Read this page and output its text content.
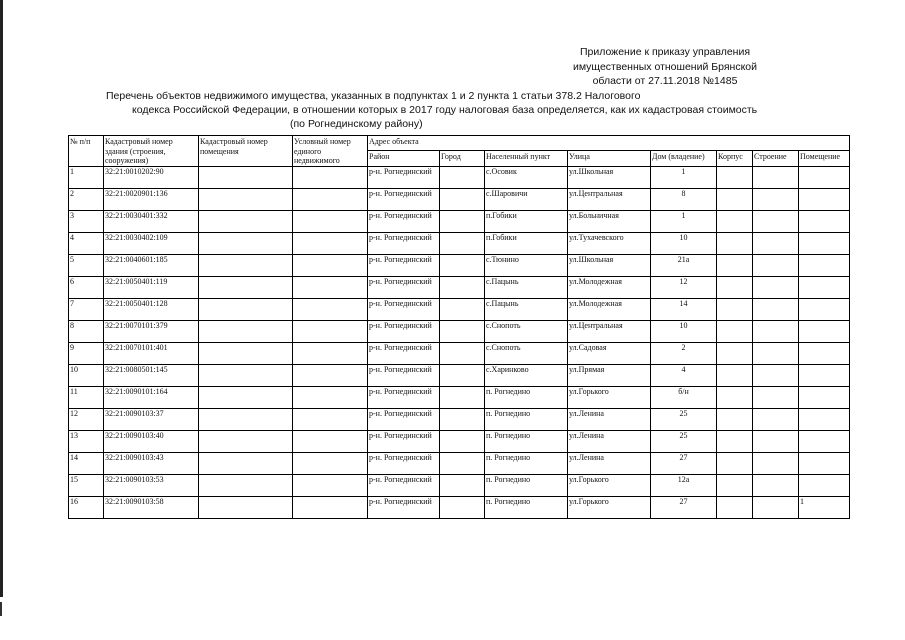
Приложение к приказу управления
имущественных отношений Брянской
области от 27.11.2018 №1485
Перечень объектов недвижимого имущества, указанных в подпунктах 1 и 2 пункта 1 статьи 378.2 Налогового
кодекса Российской Федерации, в отношении которых в 2017 году налоговая база определяется, как их кадастровая стоимость
(по Рогнединскому району)
№ п/п	Кадастровый номер здания (строения, сооружения)	Кадастровый номер помещения	Условный номер единого недвижимого	Адрес объекта							
				Район	Город	Населенный пункт	Улица	Дом (владение)	Корпус	Строение	Помещение
1	32:21:0010202:90			р-н. Рогнединский		с.Осовик	ул.Школьная	1			
2	32:21:0020901:136			р-н. Рогнединский		с.Шаровичи	ул.Центральная	8			
3	32:21:0030401:332			р-н. Рогнединский		п.Гобики	ул.Больничная	1			
4	32:21:0030402:109			р-н. Рогнединский		п.Гобики	ул.Тухачевского	10			
5	32:21:0040601:185			р-н. Рогнединский		с.Тюнино	ул.Школьная	21а			
6	32:21:0050401:119			р-н. Рогнединский		с.Пацынь	ул.Молодежная	12			
7	32:21:0050401:128			р-н. Рогнединский		с.Пацынь	ул.Молодежная	14			
8	32:21:0070101:379			р-н. Рогнединский		с.Снопоть	ул.Центральная	10			
9	32:21:0070101:401			р-н. Рогнединский		с.Снопоть	ул.Садовая	2			
10	32:21:0080501:145			р-н. Рогнединский		с.Харинково	ул.Прямая	4			
11	32:21:0090101:164			р-н. Рогнединский		п. Рогнедино	ул.Горького	б/н			
12	32:21:0090103:37			р-н. Рогнединский		п. Рогнедино	ул.Ленина	25			
13	32:21:0090103:40			р-н. Рогнединский		п. Рогнедино	ул.Ленина	25			
14	32:21:0090103:43			р-н. Рогнединский		п. Рогнедино	ул.Ленина	27			
15	32:21:0090103:53			р-н. Рогнединский		п. Рогнедино	ул.Горького	12а			
16	32:21:0090103:58			р-н. Рогнединский		п. Рогнедино	ул.Горького	27			1
